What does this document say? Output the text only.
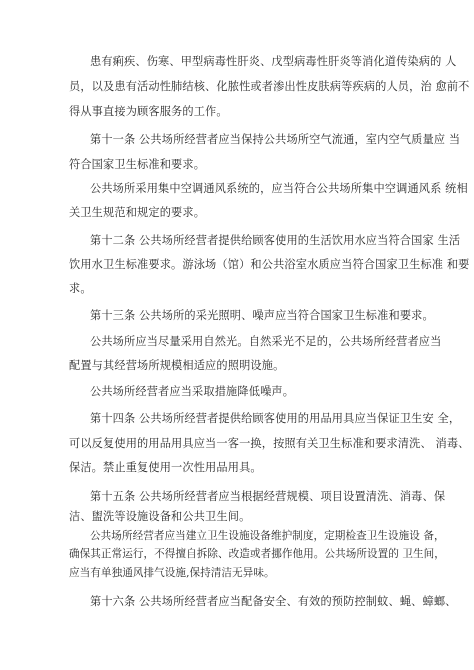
患有痢疾、伤寒、甲型病毒性肝炎、戊型病毒性肝炎等消化道传染病的 人

员，以及患有活动性肺结核、化脓性或者渗出性皮肤病等疾病的人员，治 愈前不

得从事直接为顾客服务的工作。

第十一条 公共场所经营者应当保持公共场所空气流通，室内空气质量应 当

符合国家卫生标准和要求。

公共场所采用集中空调通风系统的，应当符合公共场所集中空调通风系 统相

关卫生规范和规定的要求。

第十二条 公共场所经营者提供给顾客使用的生活饮用水应当符合国家 生活

饮用水卫生标准要求。游泳场（馆）和公共浴室水质应当符合国家卫生标准 和要

求。

第十三条 公共场所的采光照明、噪声应当符合国家卫生标准和要求。

公共场所应当尽量采用自然光。自然采光不足的，公共场所经营者应当

配置与其经营场所规模相适应的照明设施。

公共场所经营者应当采取措施降低噪声。

第十四条 公共场所经营者提供给顾客使用的用品用具应当保证卫生安 全，

可以反复使用的用品用具应当一客一换，按照有关卫生标准和要求清洗、 消毒、

保洁。禁止重复使用一次性用品用具。

第十五条 公共场所经营者应当根据经营规模、项目设置清洗、消毒、保

洁、盥洗等设施设备和公共卫生间。

公共场所经营者应当建立卫生设施设备维护制度，定期检查卫生设施设 备，

确保其正常运行，不得擅自拆除、改造或者挪作他用。公共场所设置的 卫生间，

应当有单独通风排气设施,保持清洁无异味。

第十六条 公共场所经营者应当配备安全、有效的预防控制蚊、蝇、蟑螂、
